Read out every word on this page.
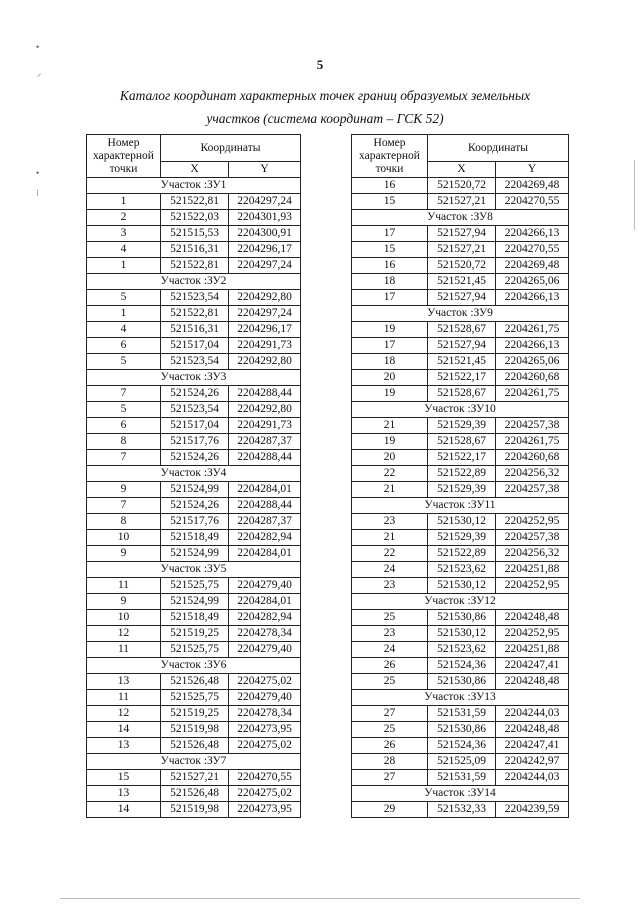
•
⸝
•
⁝
5
Каталог координат характерных точек границ образуемых земельных
участков (система координат – ГСК 52)
Номер
характерной
точки	Координаты	
	X	Y
Участок :ЗУ1		
1	521522,81	2204297,24
2	521522,03	2204301,93
3	521515,53	2204300,91
4	521516,31	2204296,17
1	521522,81	2204297,24
Участок :ЗУ2		
5	521523,54	2204292,80
1	521522,81	2204297,24
4	521516,31	2204296,17
6	521517,04	2204291,73
5	521523,54	2204292,80
Участок :ЗУ3		
7	521524,26	2204288,44
5	521523,54	2204292,80
6	521517,04	2204291,73
8	521517,76	2204287,37
7	521524,26	2204288,44
Участок :ЗУ4		
9	521524,99	2204284,01
7	521524,26	2204288,44
8	521517,76	2204287,37
10	521518,49	2204282,94
9	521524,99	2204284,01
Участок :ЗУ5		
11	521525,75	2204279,40
9	521524,99	2204284,01
10	521518,49	2204282,94
12	521519,25	2204278,34
11	521525,75	2204279,40
Участок :ЗУ6		
13	521526,48	2204275,02
11	521525,75	2204279,40
12	521519,25	2204278,34
14	521519,98	2204273,95
13	521526,48	2204275,02
Участок :ЗУ7		
15	521527,21	2204270,55
13	521526,48	2204275,02
14	521519,98	2204273,95
Номер
характерной
точки	Координаты	
	X	Y
16	521520,72	2204269,48
15	521527,21	2204270,55
Участок :ЗУ8		
17	521527,94	2204266,13
15	521527,21	2204270,55
16	521520,72	2204269,48
18	521521,45	2204265,06
17	521527,94	2204266,13
Участок :ЗУ9		
19	521528,67	2204261,75
17	521527,94	2204266,13
18	521521,45	2204265,06
20	521522,17	2204260,68
19	521528,67	2204261,75
Участок :ЗУ10		
21	521529,39	2204257,38
19	521528,67	2204261,75
20	521522,17	2204260,68
22	521522,89	2204256,32
21	521529,39	2204257,38
Участок :ЗУ11		
23	521530,12	2204252,95
21	521529,39	2204257,38
22	521522,89	2204256,32
24	521523,62	2204251,88
23	521530,12	2204252,95
Участок :ЗУ12		
25	521530,86	2204248,48
23	521530,12	2204252,95
24	521523,62	2204251,88
26	521524,36	2204247,41
25	521530,86	2204248,48
Участок :ЗУ13		
27	521531,59	2204244,03
25	521530,86	2204248,48
26	521524,36	2204247,41
28	521525,09	2204242,97
27	521531,59	2204244,03
Участок :ЗУ14		
29	521532,33	2204239,59
